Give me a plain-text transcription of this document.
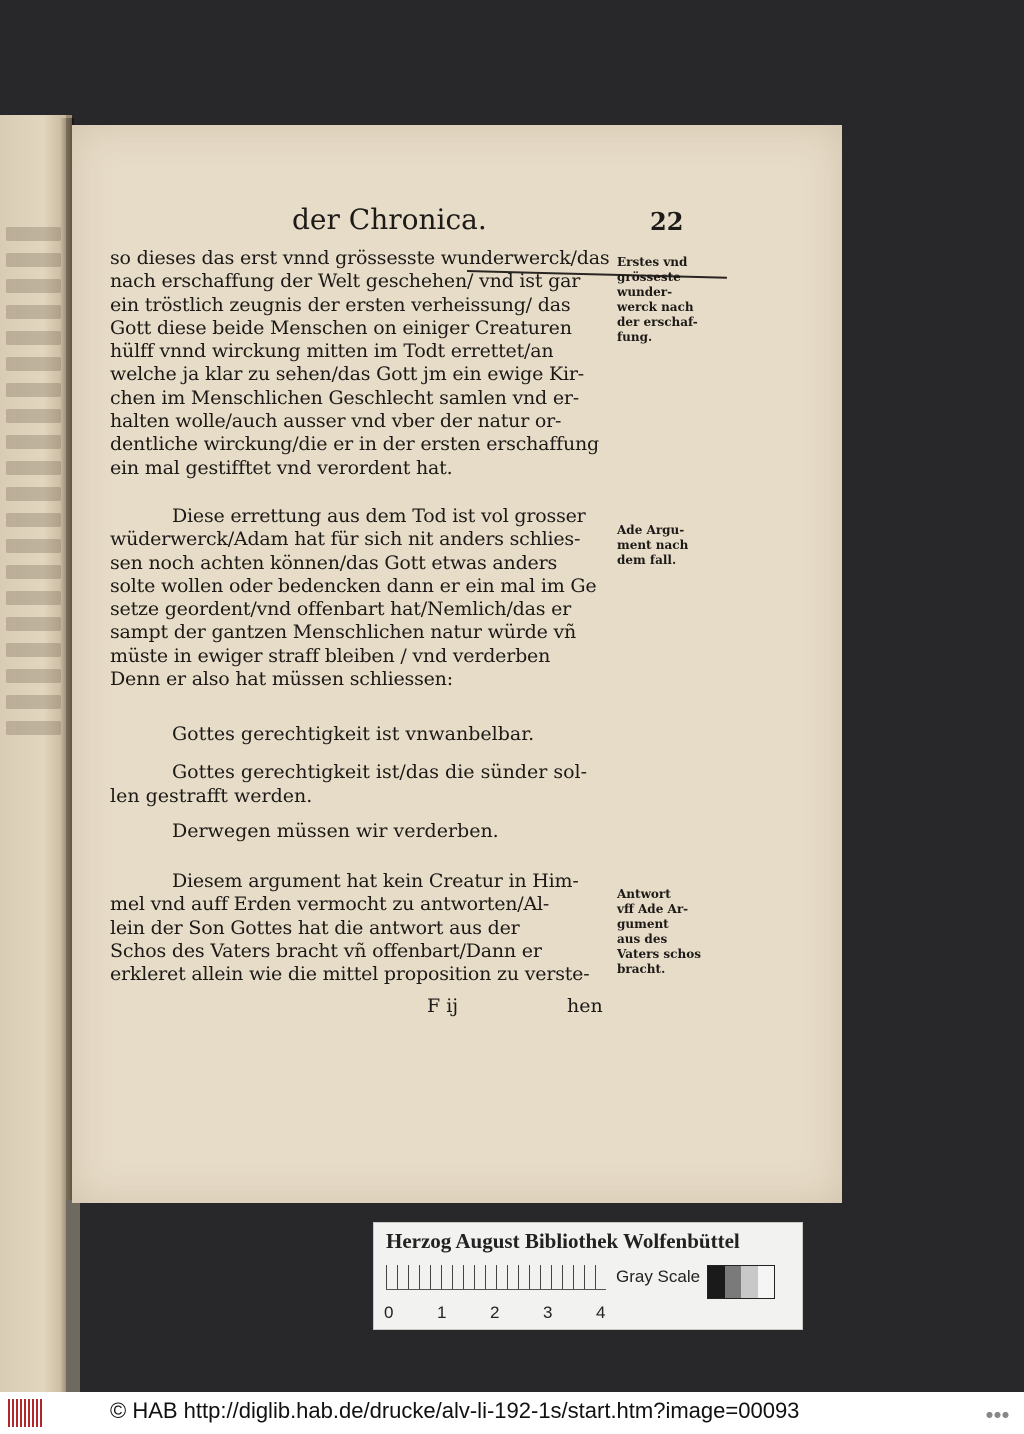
der Chronica.	22
so dieses das erst vnnd grössesste wunderwerck/das
nach erschaffung der Welt geschehen/ vnd ist gar
ein tröstlich zeugnis der ersten verheissung/ das
Gott diese beide Menschen on einiger Creaturen
hülff vnnd wirckung mitten im Todt errettet/an
welche ja klar zu sehen/das Gott jm ein ewige Kir-
chen im Menschlichen Geschlecht samlen vnd er-
halten wolle/auch ausser vnd vber der natur or-
dentliche wirckung/die er in der ersten erschaffung
ein mal gestifftet vnd verordent hat.
Erstes vnd
grösseste
wunder-
werck nach
der erschaf-
fung.
Diese errettung aus dem Tod ist vol grosser
wüderwerck/Adam hat für sich nit anders schlies-
sen noch achten können/das Gott etwas anders
solte wollen oder bedencken dann er ein mal im Ge
setze geordent/vnd offenbart hat/Nemlich/das er
sampt der gantzen Menschlichen natur würde vñ
müste in ewiger straff bleiben / vnd verderben
Denn er also hat müssen schliessen:
Ade Argu-
ment nach
dem fall.
Gottes gerechtigkeit ist vnwanbelbar.
Gottes gerechtigkeit ist/das die sünder sol-
len gestrafft werden.
Derwegen müssen wir verderben.
Diesem argument hat kein Creatur in Him-
mel vnd auff Erden vermocht zu antworten/Al-
lein der Son Gottes hat die antwort aus der
Schos des Vaters bracht vñ offenbart/Dann er
erkleret allein wie die mittel proposition zu verste-
Antwort
vff Ade Ar-
gument
aus des
Vaters schos
bracht.
F ij	hen
Herzog August Bibliothek Wolfenbüttel
0	1	2	3	4
Gray Scale
© HAB http://diglib.hab.de/drucke/alv-li-192-1s/start.htm?image=00093	●●●
